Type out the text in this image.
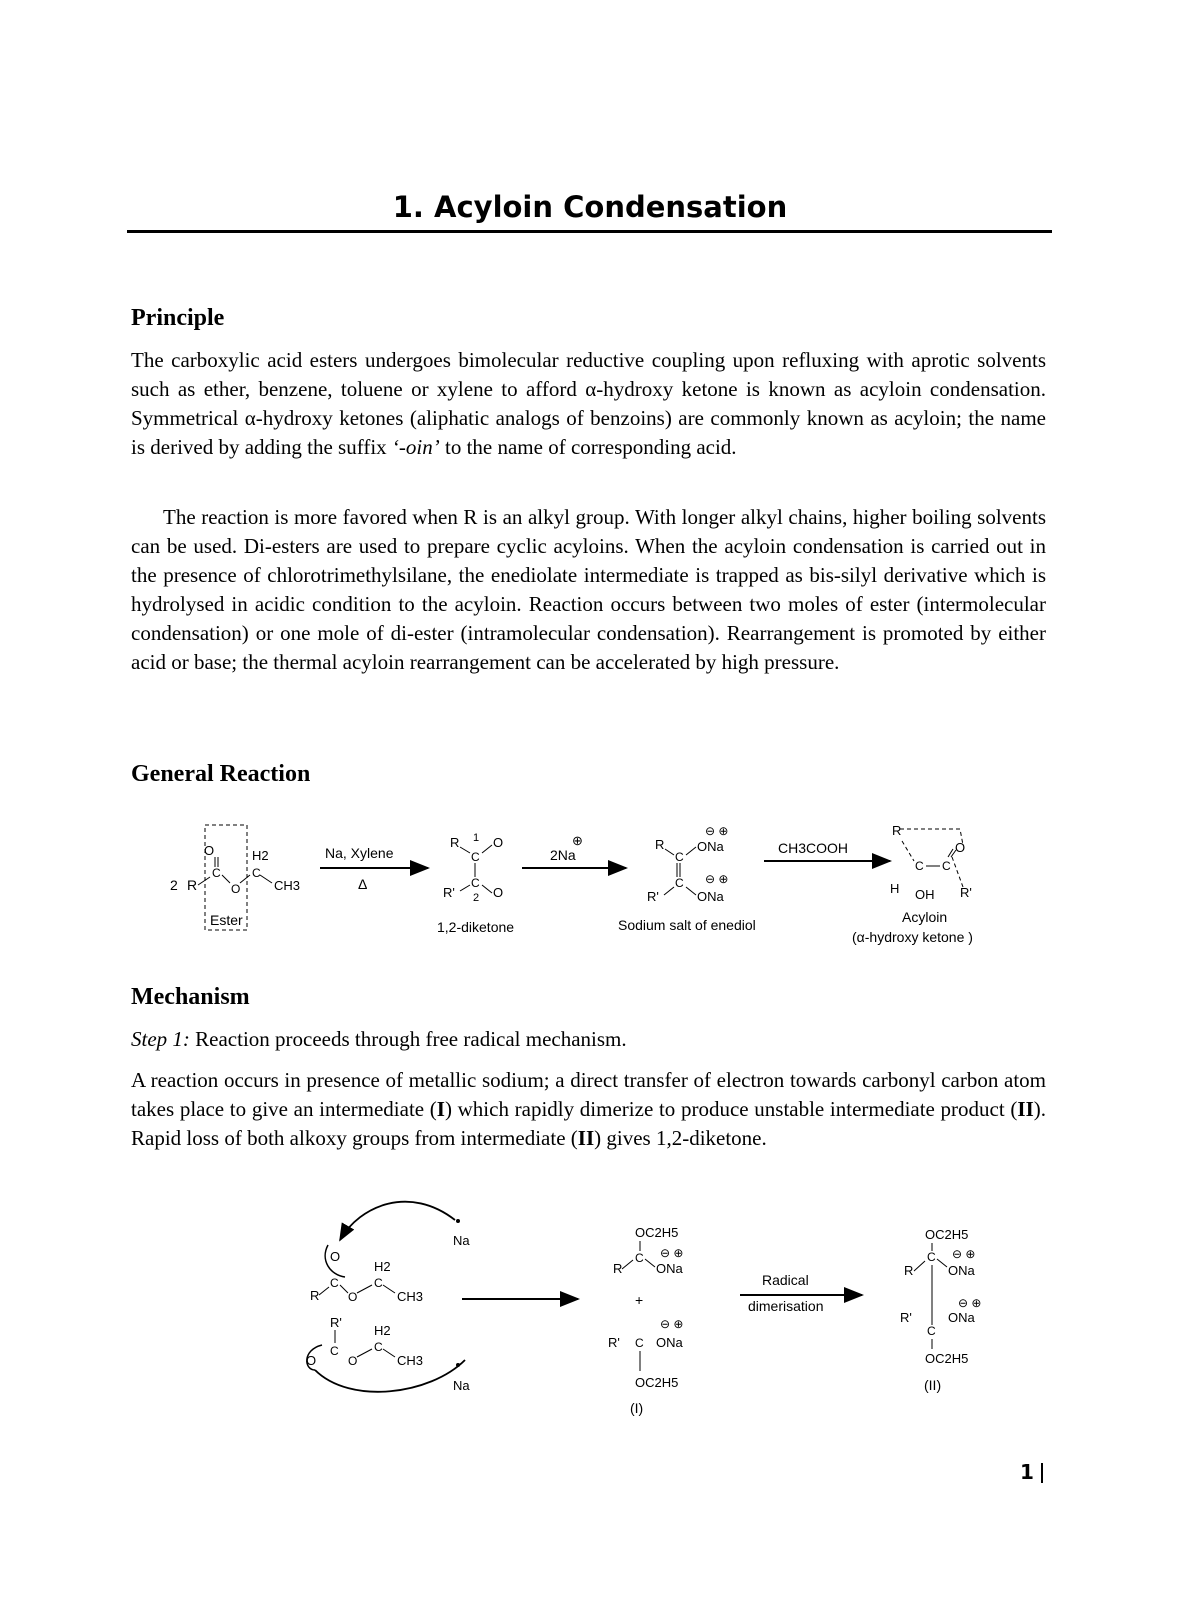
1. Acyloin Condensation
Principle

The carboxylic acid esters undergoes bimolecular reductive coupling upon refluxing with aprotic solvents such as ether, benzene, toluene or xylene to afford α-hydroxy ketone is known as acyloin condensation. Symmetrical α-hydroxy ketones (aliphatic analogs of benzoins) are commonly known as acyloin; the name is derived by adding the suffix ‘-oin’ to the name of corresponding acid.

The reaction is more favored when R is an alkyl group. With longer alkyl chains, higher boiling solvents can be used. Di-esters are used to prepare cyclic acyloins. When the acyloin condensation is carried out in the presence of chlorotrimethylsilane, the enediolate intermediate is trapped as bis-silyl derivative which is hydrolysed in acidic condition to the acyloin. Reaction occurs between two moles of ester (intermolecular condensation) or one mole of di-ester (intramolecular condensation). Rearrangement is promoted by either acid or base; the thermal acyloin rearrangement can be accelerated by high pressure.

General Reaction
2 R
O
C
O
C
H2
CH3
Ester
Na, Xylene
Δ
R 1 O
C
C
R' 2 O
1,2-diketone
2Na
⊕	R
C
C
R'
ONa
ONa
⊖ ⊕
⊖ ⊕
Sodium salt of enediol
CH3COOH
R
O
C C
H OH R'
Acyloin
(α-hydroxy ketone )
Mechanism

Step 1: Reaction proceeds through free radical mechanism.

A reaction occurs in presence of metallic sodium; a direct transfer of electron towards carbonyl carbon atom takes place to give an intermediate (I) which rapidly dimerize to produce unstable intermediate product (II). Rapid loss of both alkoxy groups from intermediate (II) gives 1,2-diketone.

Na
O
C
R O
C
H2
CH3
R'
C
O	O
C
H2
CH3
Na
OC2H5
C
R	ONa
⊖ ⊕
+
⊖ ⊕
R' C ONa
OC2H5
(I)
Radical
dimerisation
OC2H5
C
R	ONa
⊖ ⊕
⊖ ⊕
R'
C
ONa
OC2H5
(II)
1
